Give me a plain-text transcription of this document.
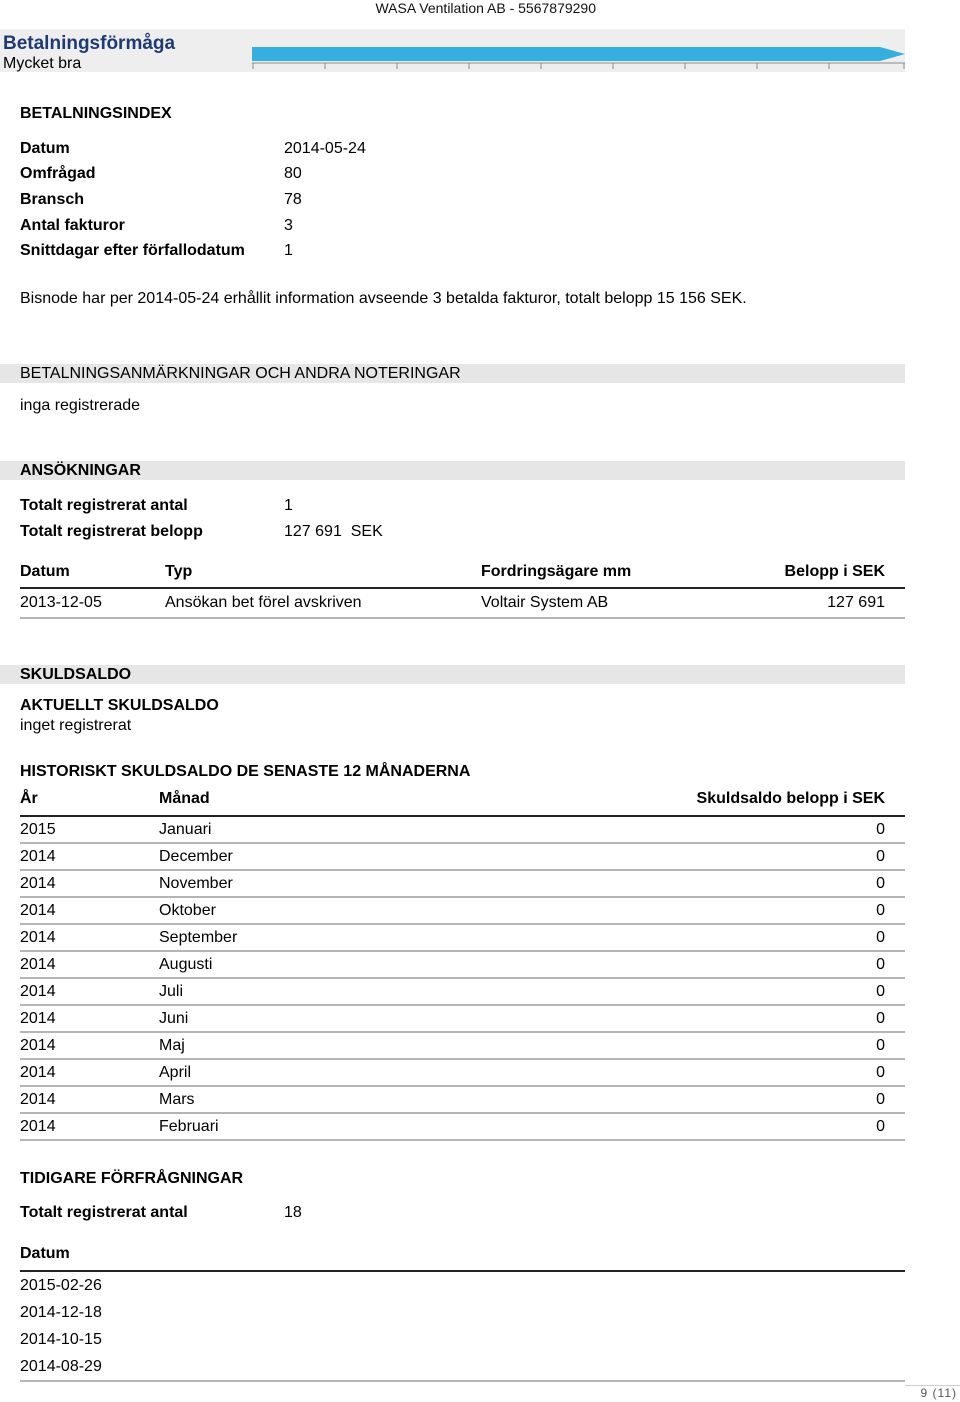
WASA Ventilation AB - 5567879290
Betalningsförmåga
Mycket bra
BETALNINGSINDEX
Datum	2014-05-24
Omfrågad	80
Bransch	78
Antal fakturor	3
Snittdagar efter förfallodatum 1
Bisnode har per 2014-05-24 erhållit information avseende 3 betalda fakturor, totalt belopp 15 156 SEK.
BETALNINGSANMÄRKNINGAR OCH ANDRA NOTERINGAR
inga registrerade
ANSÖKNINGAR
Totalt registrerat antal	1
Totalt registrerat belopp	127 691  SEK
Datum	Typ	Fordringsägare mm	Belopp i SEK
2013-12-05	Ansökan bet förel avskriven	Voltair System AB	127 691
SKULDSALDO
AKTUELLT SKULDSALDO
inget registrerat
HISTORISKT SKULDSALDO DE SENASTE 12 MÅNADERNA
År	Månad	Skuldsaldo belopp i SEK
2015	Januari	0
2014	December	0
2014	November	0
2014	Oktober	0
2014	September	0
2014	Augusti	0
2014	Juli	0
2014	Juni	0
2014	Maj	0
2014	April	0
2014	Mars	0
2014	Februari	0
TIDIGARE FÖRFRÅGNINGAR
Totalt registrerat antal	18
Datum
2015-02-26
2014-12-18
2014-10-15
2014-08-29
9 (11)
